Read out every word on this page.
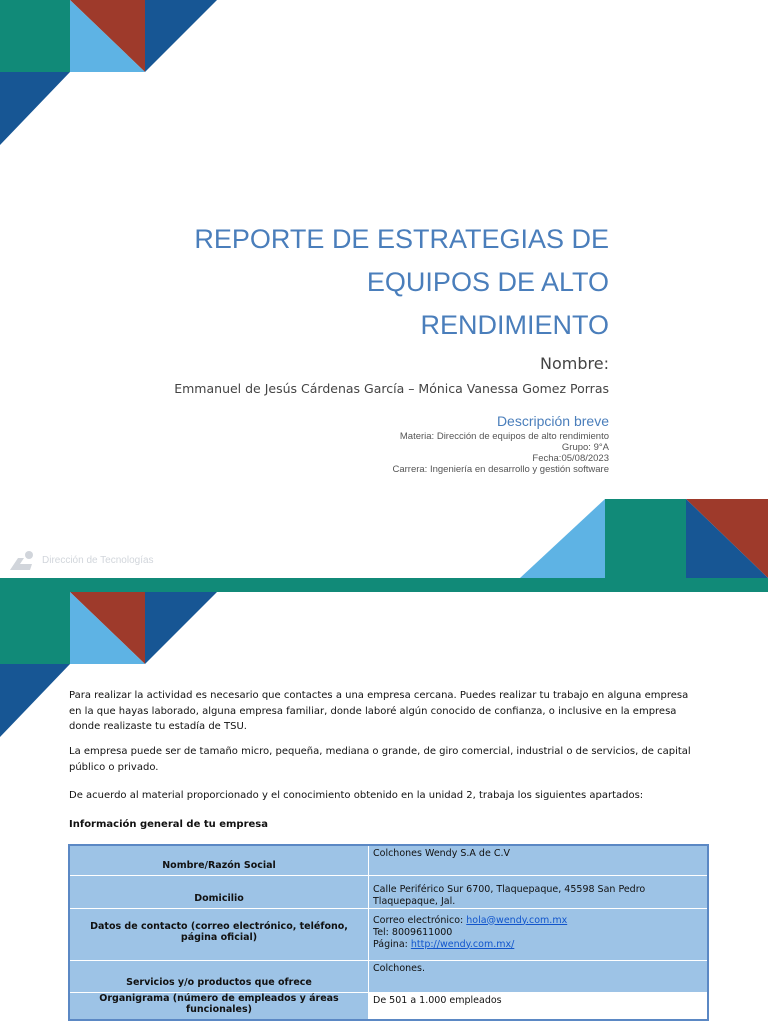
REPORTE DE ESTRATEGIAS DE
EQUIPOS DE ALTO
RENDIMIENTO
Nombre:
Emmanuel de Jesús Cárdenas García – Mónica Vanessa Gomez Porras
Descripción breve
Materia: Dirección de equipos de alto rendimiento
Grupo: 9°A
Fecha:05/08/2023
Carrera: Ingeniería en desarrollo y gestión software
Dirección de Tecnologías

Para realizar la actividad es necesario que contactes a una empresa cercana. Puedes realizar tu trabajo en alguna empresa en la que hayas laborado, alguna empresa familiar, donde laboré algún conocido de confianza, o inclusive en la empresa donde realizaste tu estadía de TSU.

La empresa puede ser de tamaño micro, pequeña, mediana o grande, de giro comercial, industrial o de servicios, de capital público o privado.

De acuerdo al material proporcionado y el conocimiento obtenido en la unidad 2, trabaja los siguientes apartados:

Información general de tu empresa

Nombre/Razón Social	Colchones Wendy S.A de C.V
Domicilio	Calle Periférico Sur 6700, Tlaquepaque, 45598 San Pedro Tlaquepaque, Jal.
Datos de contacto (correo electrónico, teléfono, página oficial)	Correo electrónico: hola@wendy.com.mx
Tel: 8009611000
Página: http://wendy.com.mx/

Servicios y/o productos que ofrece	Colchones.
Organigrama (número de empleados y áreas funcionales)	De 501 a 1.000 empleados
